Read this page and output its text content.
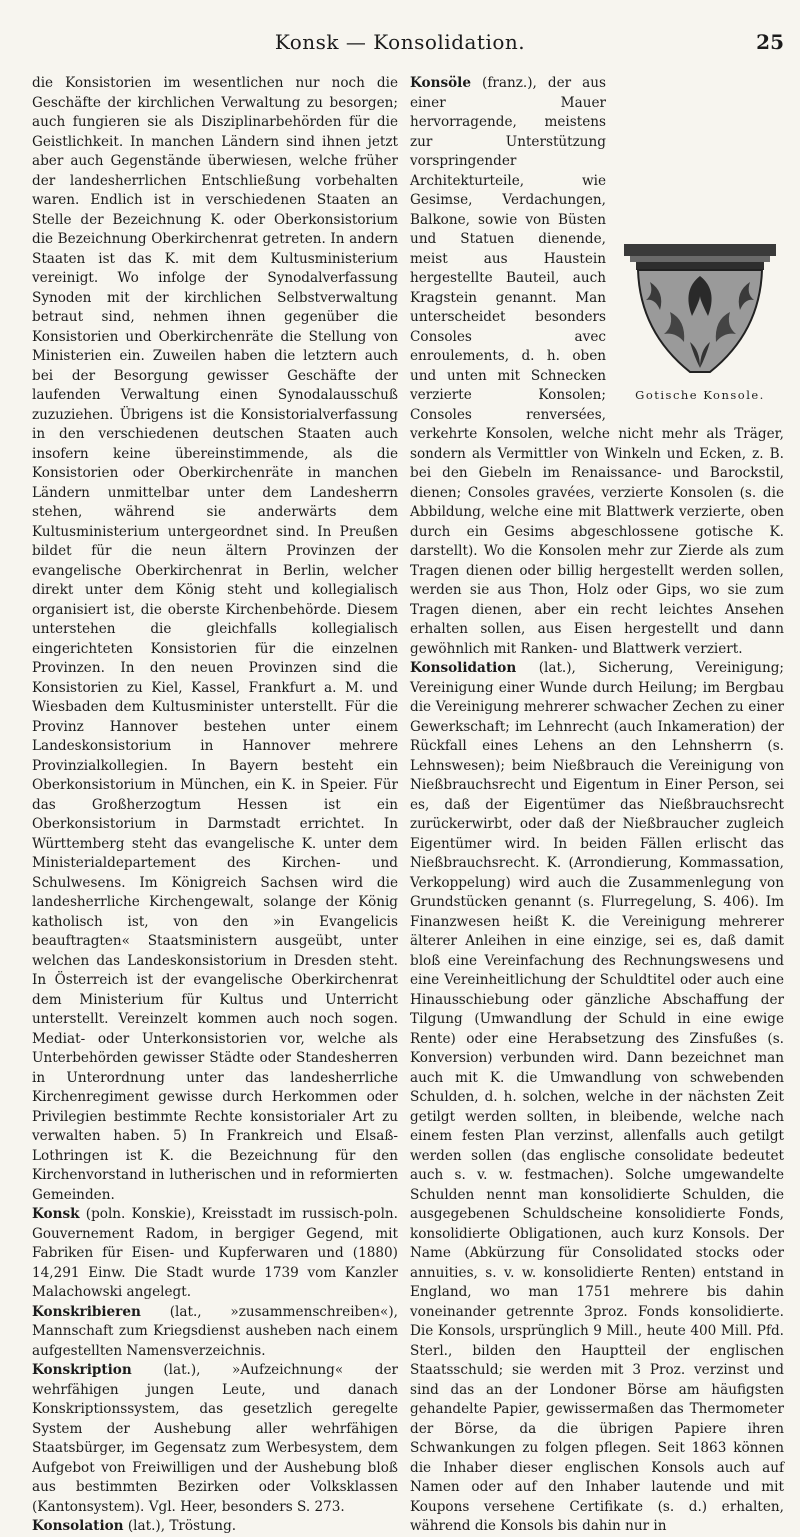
Konsk — Konsolidation.	25

die Konsistorien im wesentlichen nur noch die Geschäfte der kirchlichen Verwaltung zu besorgen; auch fungieren sie als Disziplinarbehörden für die Geistlichkeit. In manchen Ländern sind ihnen jetzt aber auch Gegenstände überwiesen, welche früher der landesherrlichen Entschließung vorbehalten waren. Endlich ist in verschiedenen Staaten an Stelle der Bezeichnung K. oder Oberkonsistorium die Bezeichnung Oberkirchenrat getreten. In andern Staaten ist das K. mit dem Kultusministerium vereinigt. Wo infolge der Synodalverfassung Synoden mit der kirchlichen Selbstverwaltung betraut sind, nehmen ihnen gegenüber die Konsistorien und Oberkirchenräte die Stellung von Ministerien ein. Zuweilen haben die letztern auch bei der Besorgung gewisser Geschäfte der laufenden Verwaltung einen Synodalausschuß zuzuziehen. Übrigens ist die Konsistorialverfassung in den verschiedenen deutschen Staaten auch insofern keine übereinstimmende, als die Konsistorien oder Oberkirchenräte in manchen Ländern unmittelbar unter dem Landesherrn stehen, während sie anderwärts dem Kultusministerium untergeordnet sind. In Preußen bildet für die neun ältern Provinzen der evangelische Oberkirchenrat in Berlin, welcher direkt unter dem König steht und kollegialisch organisiert ist, die oberste Kirchenbehörde. Diesem unterstehen die gleichfalls kollegialisch eingerichteten Konsistorien für die einzelnen Provinzen. In den neuen Provinzen sind die Konsistorien zu Kiel, Kassel, Frankfurt a. M. und Wiesbaden dem Kultusminister unterstellt. Für die Provinz Hannover bestehen unter einem Landeskonsistorium in Hannover mehrere Provinzialkollegien. In Bayern besteht ein Oberkonsistorium in München, ein K. in Speier. Für das Großherzogtum Hessen ist ein Oberkonsistorium in Darmstadt errichtet. In Württemberg steht das evangelische K. unter dem Ministerialdepartement des Kirchen- und Schulwesens. Im Königreich Sachsen wird die landesherrliche Kirchengewalt, solange der König katholisch ist, von den »in Evangelicis beauftragten« Staatsministern ausgeübt, unter welchen das Landeskonsistorium in Dresden steht. In Österreich ist der evangelische Oberkirchenrat dem Ministerium für Kultus und Unterricht unterstellt. Vereinzelt kommen auch noch sogen. Mediat- oder Unterkonsistorien vor, welche als Unterbehörden gewisser Städte oder Standesherren in Unterordnung unter das landesherrliche Kirchenregiment gewisse durch Herkommen oder Privilegien bestimmte Rechte konsistorialer Art zu verwalten haben. 5) In Frankreich und Elsaß-Lothringen ist K. die Bezeichnung für den Kirchenvorstand in lutherischen und in reformierten Gemeinden.

Konsk (poln. Konskie), Kreisstadt im russisch-poln. Gouvernement Radom, in bergiger Gegend, mit Fabriken für Eisen- und Kupferwaren und (1880) 14,291 Einw. Die Stadt wurde 1739 vom Kanzler Malachowski angelegt.

Konskribieren (lat., »zusammenschreiben«), Mannschaft zum Kriegsdienst ausheben nach einem aufgestellten Namensverzeichnis.

Konskription (lat.), »Aufzeichnung« der wehrfähigen jungen Leute, und danach Konskriptionssystem, das gesetzlich geregelte System der Aushebung aller wehrfähigen Staatsbürger, im Gegensatz zum Werbesystem, dem Aufgebot von Freiwilligen und der Aushebung bloß aus bestimmten Bezirken oder Volksklassen (Kantonsystem). Vgl. Heer, besonders S. 273.

Konsolation (lat.), Tröstung.

Gotische Konsole.

Konsöle (franz.), der aus einer Mauer hervorragende, meistens zur Unterstützung vorspringender Architekturteile, wie Gesimse, Verdachungen, Balkone, sowie von Büsten und Statuen dienende, meist aus Haustein hergestellte Bauteil, auch Kragstein genannt. Man unterscheidet besonders Consoles avec enroulements, d. h. oben und unten mit Schnecken verzierte Konsolen; Consoles renversées, verkehrte Konsolen, welche nicht mehr als Träger, sondern als Vermittler von Winkeln und Ecken, z. B. bei den Giebeln im Renaissance- und Barockstil, dienen; Consoles gravées, verzierte Konsolen (s. die Abbildung, welche eine mit Blattwerk verzierte, oben durch ein Gesims abgeschlossene gotische K. darstellt). Wo die Konsolen mehr zur Zierde als zum Tragen dienen oder billig hergestellt werden sollen, werden sie aus Thon, Holz oder Gips, wo sie zum Tragen dienen, aber ein recht leichtes Ansehen erhalten sollen, aus Eisen hergestellt und dann gewöhnlich mit Ranken- und Blattwerk verziert.

Konsolidation (lat.), Sicherung, Vereinigung; Vereinigung einer Wunde durch Heilung; im Bergbau die Vereinigung mehrerer schwacher Zechen zu einer Gewerkschaft; im Lehnrecht (auch Inkameration) der Rückfall eines Lehens an den Lehnsherrn (s. Lehnswesen); beim Nießbrauch die Vereinigung von Nießbrauchsrecht und Eigentum in Einer Person, sei es, daß der Eigentümer das Nießbrauchsrecht zurückerwirbt, oder daß der Nießbraucher zugleich Eigentümer wird. In beiden Fällen erlischt das Nießbrauchsrecht. K. (Arrondierung, Kommassation, Verkoppelung) wird auch die Zusammenlegung von Grundstücken genannt (s. Flurregelung, S. 406). Im Finanzwesen heißt K. die Vereinigung mehrerer älterer Anleihen in eine einzige, sei es, daß damit bloß eine Vereinfachung des Rechnungswesens und eine Vereinheitlichung der Schuldtitel oder auch eine Hinausschiebung oder gänzliche Abschaffung der Tilgung (Umwandlung der Schuld in eine ewige Rente) oder eine Herabsetzung des Zinsfußes (s. Konversion) verbunden wird. Dann bezeichnet man auch mit K. die Umwandlung von schwebenden Schulden, d. h. solchen, welche in der nächsten Zeit getilgt werden sollten, in bleibende, welche nach einem festen Plan verzinst, allenfalls auch getilgt werden sollen (das englische consolidate bedeutet auch s. v. w. festmachen). Solche umgewandelte Schulden nennt man konsolidierte Schulden, die ausgegebenen Schuldscheine konsolidierte Fonds, konsolidierte Obligationen, auch kurz Konsols. Der Name (Abkürzung für Consolidated stocks oder annuities, s. v. w. konsolidierte Renten) entstand in England, wo man 1751 mehrere bis dahin voneinander getrennte 3proz. Fonds konsolidierte. Die Konsols, ursprünglich 9 Mill., heute 400 Mill. Pfd. Sterl., bilden den Hauptteil der englischen Staatsschuld; sie werden mit 3 Proz. verzinst und sind das an der Londoner Börse am häufigsten gehandelte Papier, gewissermaßen das Thermometer der Börse, da die übrigen Papiere ihren Schwankungen zu folgen pflegen. Seit 1863 können die Inhaber dieser englischen Konsols auch auf Namen oder auf den Inhaber lautende und mit Koupons versehene Certifikate (s. d.) erhalten, während die Konsols bis dahin nur in
